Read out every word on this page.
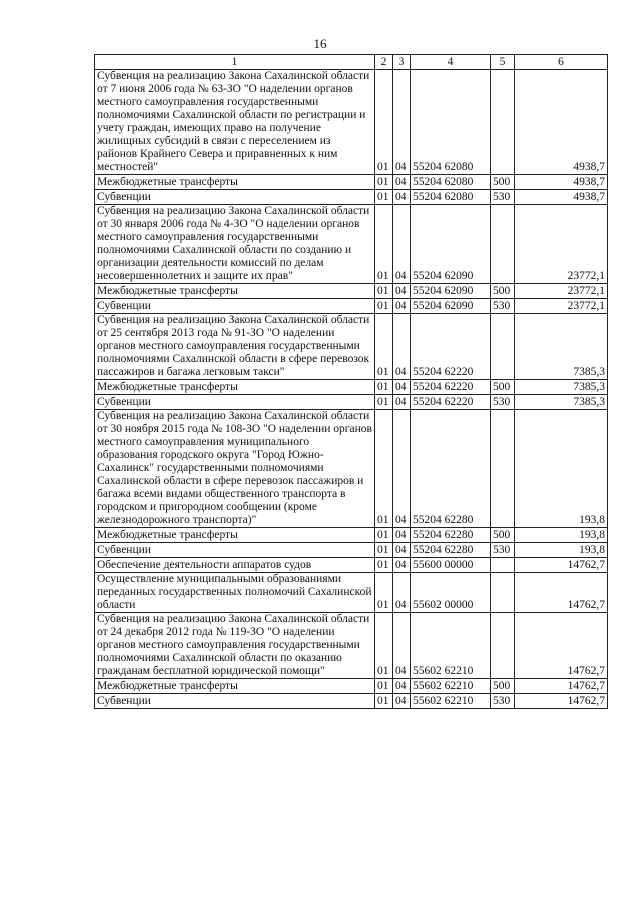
16
1	2	3	4	5	6
Субвенция на реализацию Закона Сахалинской области от 7 июня 2006 года № 63-ЗО "О наделении органов местного самоуправления государственными полномочиями Сахалинской области по регистрации и учету граждан, имеющих право на получение жилищных субсидий в связи с переселением из районов Крайнего Севера и приравненных к ним местностей"	01	04	55204 62080		4938,7
Межбюджетные трансферты	01	04	55204 62080	500	4938,7
Субвенции	01	04	55204 62080	530	4938,7
Субвенция на реализацию Закона Сахалинской области от 30 января 2006 года № 4-ЗО "О наделении органов местного самоуправления государственными полномочиями Сахалинской области по созданию и организации деятельности комиссий по делам несовершеннолетних и защите их прав"	01	04	55204 62090		23772,1
Межбюджетные трансферты	01	04	55204 62090	500	23772,1
Субвенции	01	04	55204 62090	530	23772,1
Субвенция на реализацию Закона Сахалинской области от 25 сентября 2013 года № 91-ЗО "О наделении органов местного самоуправления государственными полномочиями Сахалинской области в сфере перевозок пассажиров и багажа легковым такси"	01	04	55204 62220		7385,3
Межбюджетные трансферты	01	04	55204 62220	500	7385,3
Субвенции	01	04	55204 62220	530	7385,3
Субвенция на реализацию Закона Сахалинской области от 30 ноября 2015 года № 108-ЗО "О наделении органов местного самоуправления муниципального образования городского округа "Город Южно-Сахалинск" государственными полномочиями Сахалинской области в сфере перевозок пассажиров и багажа всеми видами общественного транспорта в городском и пригородном сообщении (кроме железнодорожного транспорта)"	01	04	55204 62280		193,8
Межбюджетные трансферты	01	04	55204 62280	500	193,8
Субвенции	01	04	55204 62280	530	193,8
Обеспечение деятельности аппаратов судов	01	04	55600 00000		14762,7
Осуществление муниципальными образованиями переданных государственных полномочий Сахалинской области	01	04	55602 00000		14762,7
Субвенция на реализацию Закона Сахалинской области от 24 декабря 2012 года № 119-ЗО "О наделении органов местного самоуправления государственными полномочиями Сахалинской области по оказанию гражданам бесплатной юридической помощи"	01	04	55602 62210		14762,7
Межбюджетные трансферты	01	04	55602 62210	500	14762,7
Субвенции	01	04	55602 62210	530	14762,7
